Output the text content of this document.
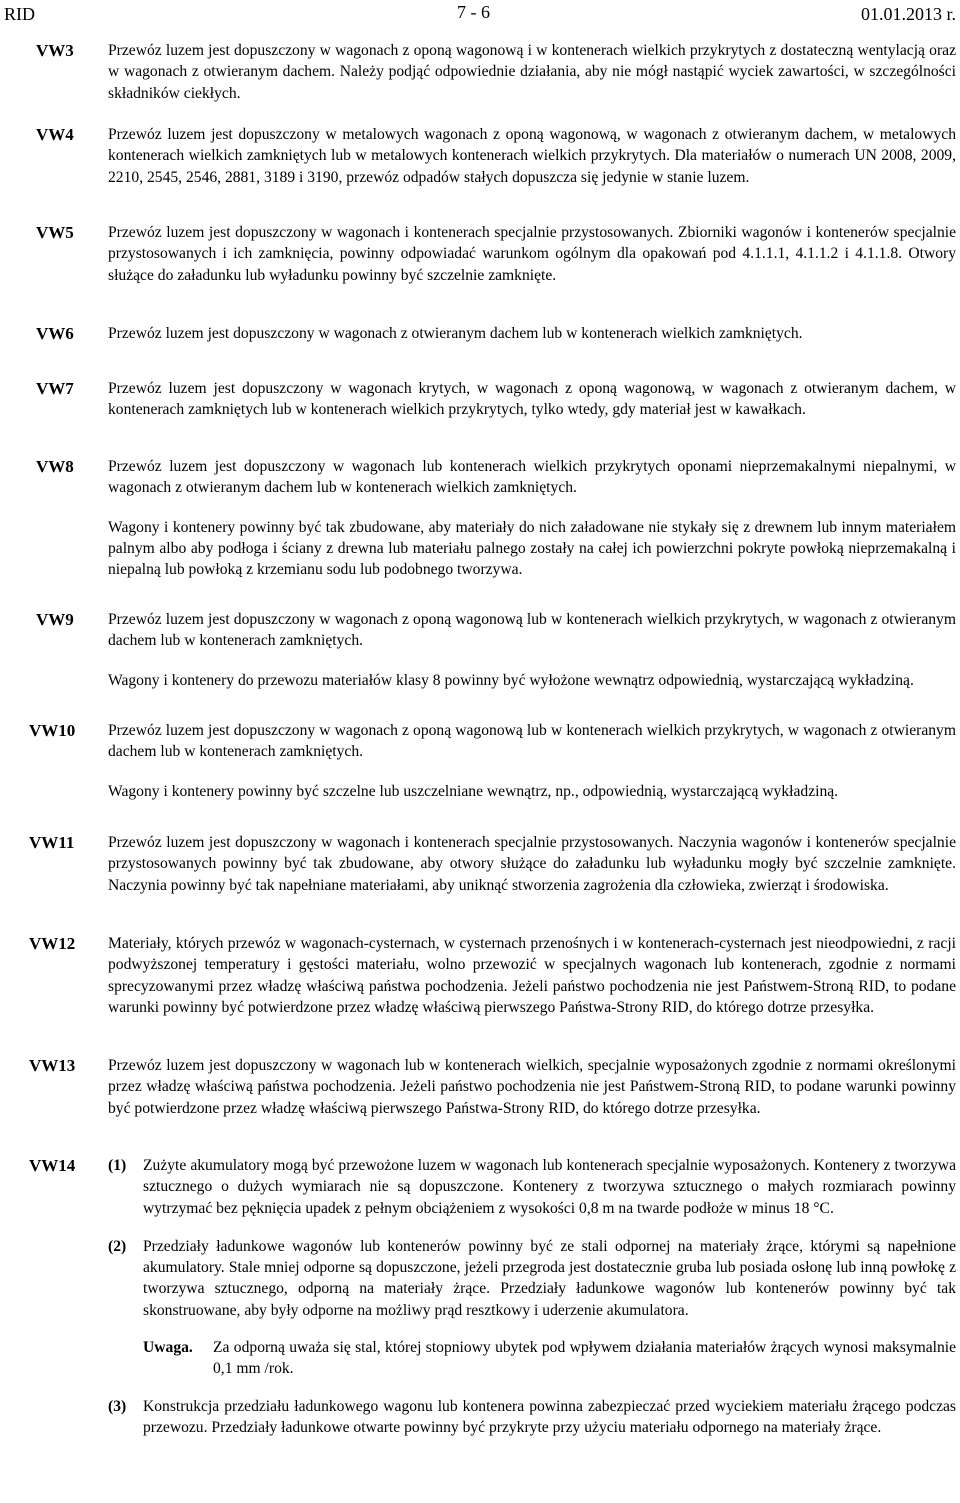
RID	7 - 6	01.01.2013 r.
VW3 Przewóz luzem jest dopuszczony w wagonach z oponą wagonową i w kontenerach wielkich przykrytych z dostateczną wentylacją oraz w wagonach z otwieranym dachem. Należy podjąć odpowiednie działania, aby nie mógł nastąpić wyciek zawartości, w szczególności składników ciekłych.

VW4 Przewóz luzem jest dopuszczony w metalowych wagonach z oponą wagonową, w wagonach z otwieranym dachem, w metalowych kontenerach wielkich zamkniętych lub w metalowych kontenerach wielkich przykrytych. Dla materiałów o numerach UN 2008, 2009, 2210, 2545, 2546, 2881, 3189 i 3190, przewóz odpadów stałych dopuszcza się jedynie w stanie luzem.

VW5 Przewóz luzem jest dopuszczony w wagonach i kontenerach specjalnie przystosowanych. Zbiorniki wagonów i kontenerów specjalnie przystosowanych i ich zamknięcia, powinny odpowiadać warunkom ogólnym dla opakowań pod 4.1.1.1, 4.1.1.2 i 4.1.1.8. Otwory służące do załadunku lub wyładunku powinny być szczelnie zamknięte.

VW6 Przewóz luzem jest dopuszczony w wagonach z otwieranym dachem lub w kontenerach wielkich zamkniętych.

VW7 Przewóz luzem jest dopuszczony w wagonach krytych, w wagonach z oponą wagonową, w wagonach z otwieranym dachem, w kontenerach zamkniętych lub w kontenerach wielkich przykrytych, tylko wtedy, gdy materiał jest w kawałkach.

VW8 Przewóz luzem jest dopuszczony w wagonach lub kontenerach wielkich przykrytych oponami nieprzemakalnymi niepalnymi, w wagonach z otwieranym dachem lub w kontenerach wielkich zamkniętych.

Wagony i kontenery powinny być tak zbudowane, aby materiały do nich załadowane nie stykały się z drewnem lub innym materiałem palnym albo aby podłoga i ściany z drewna lub materiału palnego zostały na całej ich powierzchni pokryte powłoką nieprzemakalną i niepalną lub powłoką z krzemianu sodu lub podobnego tworzywa.

VW9 Przewóz luzem jest dopuszczony w wagonach z oponą wagonową lub w kontenerach wielkich przykrytych, w wagonach z otwieranym dachem lub w kontenerach zamkniętych.

Wagony i kontenery do przewozu materiałów klasy 8 powinny być wyłożone wewnątrz odpowiednią, wystarczającą wykładziną.

VW10 Przewóz luzem jest dopuszczony w wagonach z oponą wagonową lub w kontenerach wielkich przykrytych, w wagonach z otwieranym dachem lub w kontenerach zamkniętych.

Wagony i kontenery powinny być szczelne lub uszczelniane wewnątrz, np., odpowiednią, wystarczającą wykładziną.

VW11 Przewóz luzem jest dopuszczony w wagonach i kontenerach specjalnie przystosowanych. Naczynia wagonów i kontenerów specjalnie przystosowanych powinny być tak zbudowane, aby otwory służące do załadunku lub wyładunku mogły być szczelnie zamknięte. Naczynia powinny być tak napełniane materiałami, aby uniknąć stworzenia zagrożenia dla człowieka, zwierząt i środowiska.

VW12 Materiały, których przewóz w wagonach-cysternach, w cysternach przenośnych i w kontenerach-cysternach jest nieodpowiedni, z racji podwyższonej temperatury i gęstości materiału, wolno przewozić w specjalnych wagonach lub kontenerach, zgodnie z normami sprecyzowanymi przez władzę właściwą państwa pochodzenia. Jeżeli państwo pochodzenia nie jest Państwem-Stroną RID, to podane warunki powinny być potwierdzone przez władzę właściwą pierwszego Państwa-Strony RID, do którego dotrze przesyłka.

VW13 Przewóz luzem jest dopuszczony w wagonach lub w kontenerach wielkich, specjalnie wyposażonych zgodnie z normami określonymi przez władzę właściwą państwa pochodzenia. Jeżeli państwo pochodzenia nie jest Państwem-Stroną RID, to podane warunki powinny być potwierdzone przez władzę właściwą pierwszego Państwa-Strony RID, do którego dotrze przesyłka.

VW14 (1) Zużyte akumulatory mogą być przewożone luzem w wagonach lub kontenerach specjalnie wyposażonych. Kontenery z tworzywa sztucznego o dużych wymiarach nie są dopuszczone. Kontenery z tworzywa sztucznego o małych rozmiarach powinny wytrzymać bez pęknięcia upadek z pełnym obciążeniem z wysokości 0,8 m na twarde podłoże w minus 18 °C.
(2) Przedziały ładunkowe wagonów lub kontenerów powinny być ze stali odpornej na materiały żrące, którymi są napełnione akumulatory. Stale mniej odporne są dopuszczone, jeżeli przegroda jest dostatecznie gruba lub posiada osłonę lub inną powłokę z tworzywa sztucznego, odporną na materiały żrące. Przedziały ładunkowe wagonów lub kontenerów powinny być tak skonstruowane, aby były odporne na możliwy prąd resztkowy i uderzenie akumulatora.
Uwaga. Za odporną uważa się stal, której stopniowy ubytek pod wpływem działania materiałów żrących wynosi maksymalnie 0,1 mm /rok.
(3) Konstrukcja przedziału ładunkowego wagonu lub kontenera powinna zabezpieczać przed wyciekiem materiału żrącego podczas przewozu. Przedziały ładunkowe otwarte powinny być przykryte przy użyciu materiału odpornego na materiały żrące.
